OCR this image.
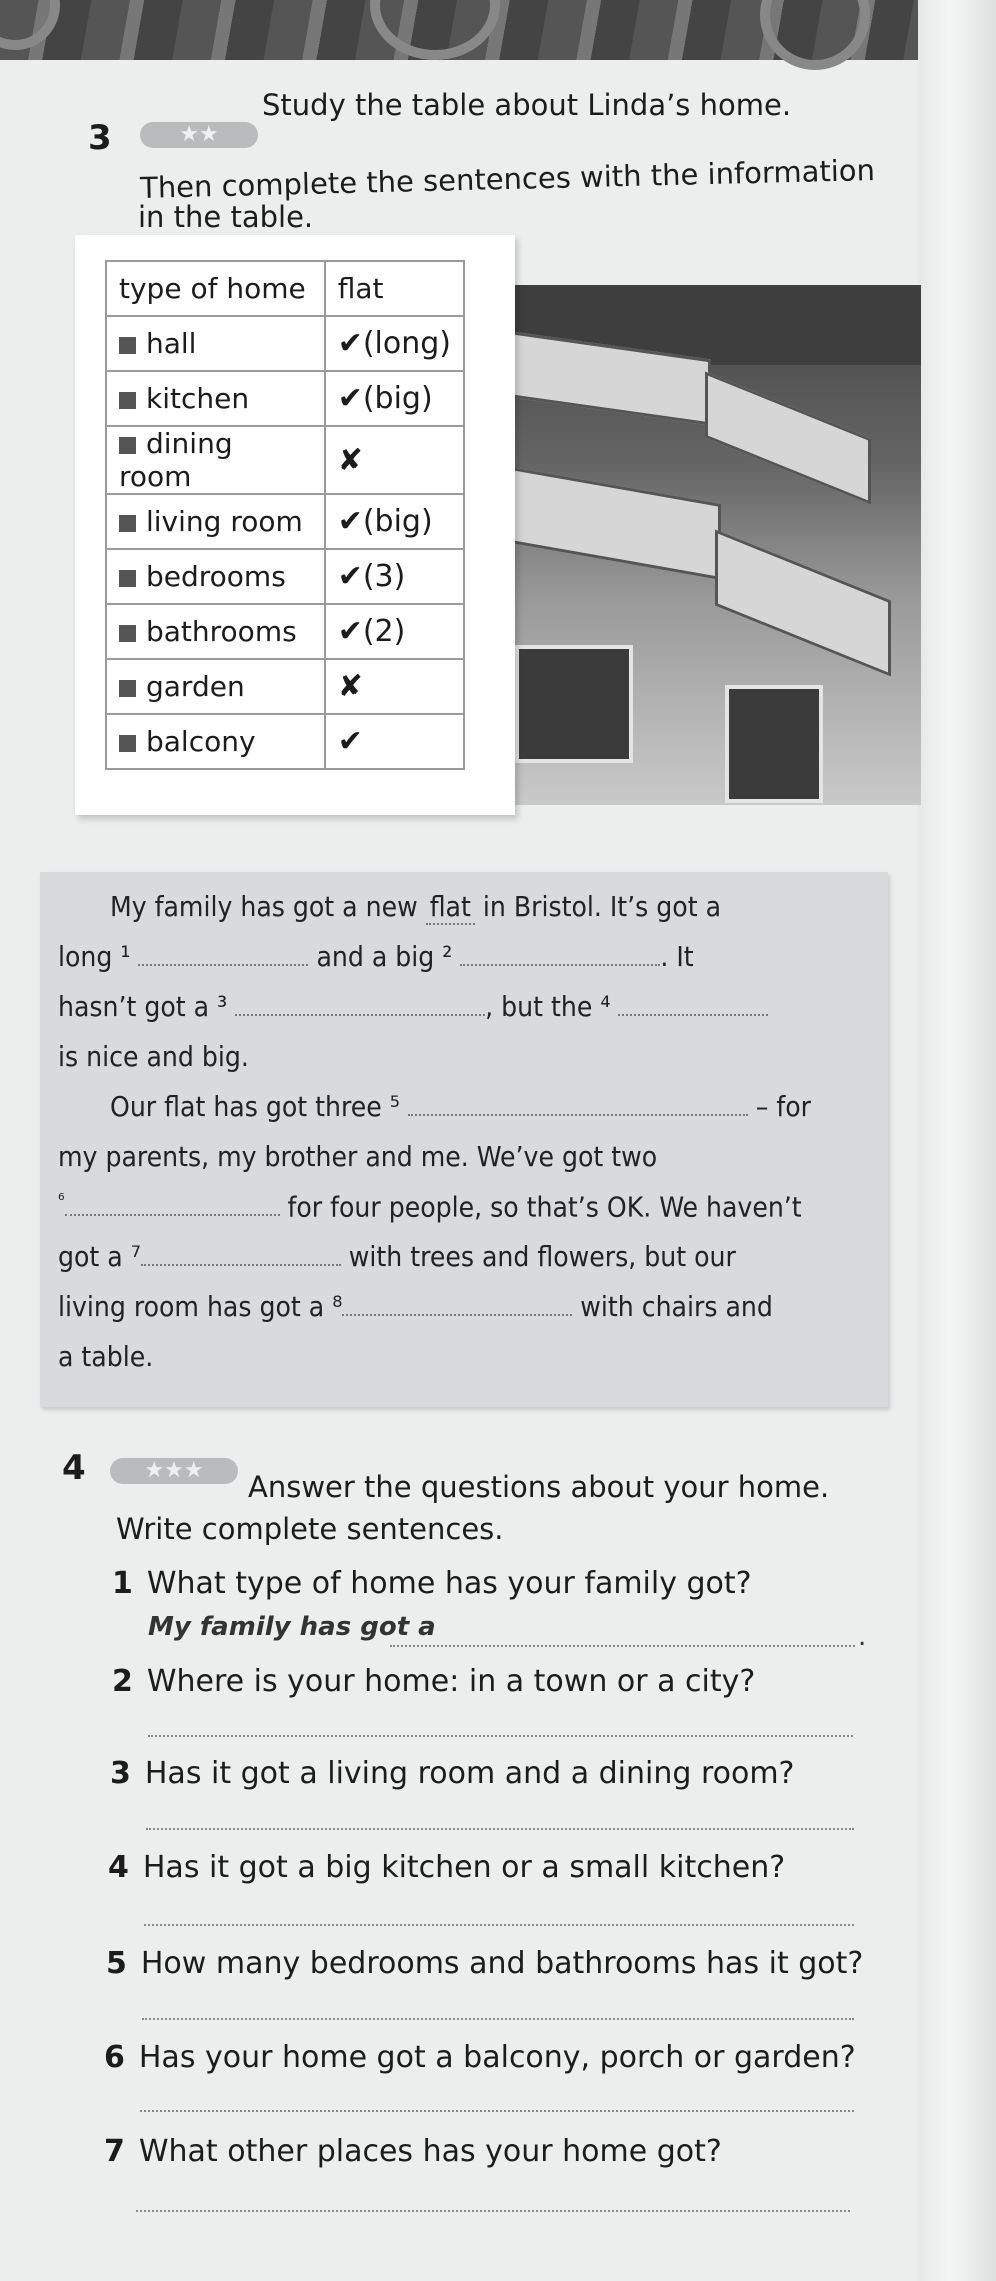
3	★★
Study the table about Linda’s home.
Then complete the sentences with the information
in the table.
type of home	flat
hall	✔(long)
kitchen	✔(big)
dining room	✘
living room	✔(big)
bedrooms	✔(3)
bathrooms	✔(2)
garden	✘
balcony	✔
My family has got a new flat in Bristol. It’s got a
long ¹	and a big ²	. It
hasn’t got a ³	, but the ⁴
is nice and big.
Our flat has got three ⁵	– for
my parents, my brother and me. We’ve got two
$^{^6}$	for four people, so that’s OK. We haven’t
got a ⁷	with trees and flowers, but our
living room has got a ⁸	with chairs and
a table.
4	★★★	Answer the questions about your home.
Write complete sentences.
1 What type of home has your family got?
My family has got a	.
2 Where is your home: in a town or a city?
3 Has it got a living room and a dining room?
4 Has it got a big kitchen or a small kitchen?
5 How many bedrooms and bathrooms has it got?
6 Has your home got a balcony, porch or garden?
7 What other places has your home got?
